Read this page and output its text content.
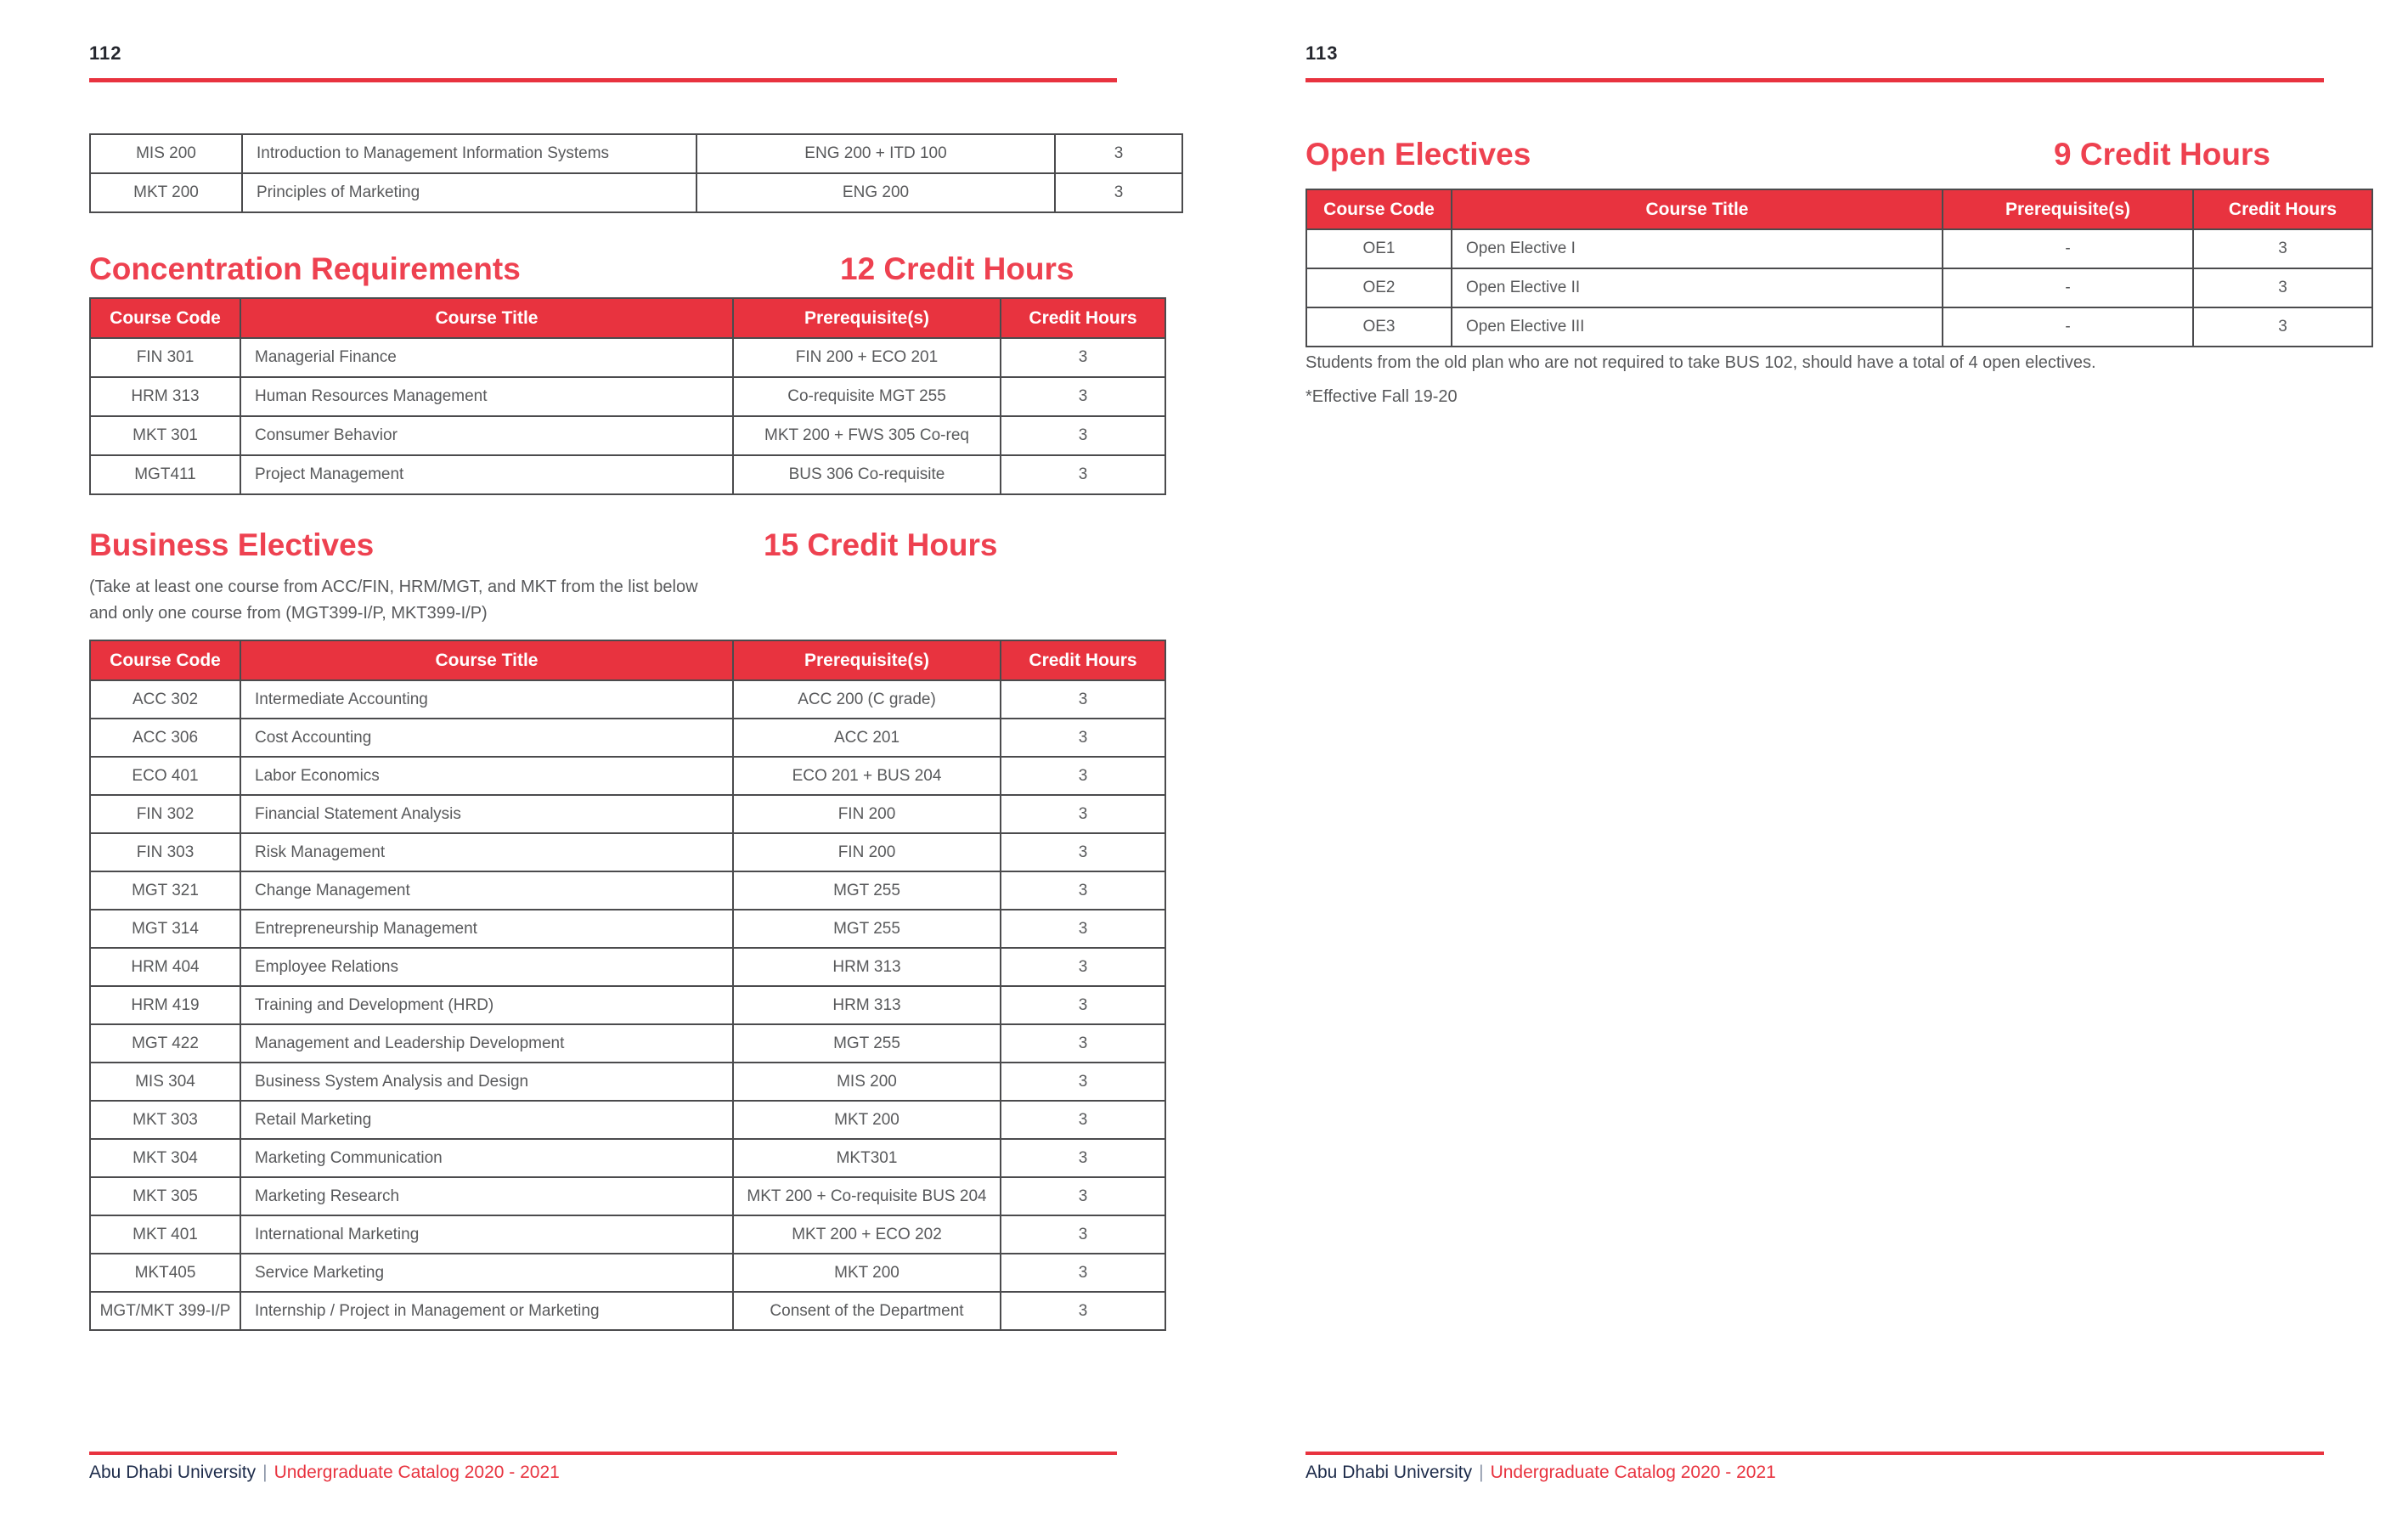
112
MIS 200	Introduction to Management Information Systems	ENG 200 + ITD 100	3
MKT 200	Principles of Marketing	ENG 200	3
Concentration Requirements	12 Credit Hours
Course Code	Course Title	Prerequisite(s)	Credit Hours
FIN 301	Managerial Finance	FIN 200 + ECO 201	3
HRM 313	Human Resources Management	Co-requisite MGT 255	3
MKT 301	Consumer Behavior	MKT 200 + FWS 305 Co-req	3
MGT411	Project Management	BUS 306 Co-requisite	3
Business Electives	15 Credit Hours
(Take at least one course from ACC/FIN, HRM/MGT, and MKT from the list below
and only one course from (MGT399-I/P, MKT399-I/P)
Course Code	Course Title	Prerequisite(s)	Credit Hours
ACC 302	Intermediate Accounting	ACC 200 (C grade)	3
ACC 306	Cost Accounting	ACC 201	3
ECO 401	Labor Economics	ECO 201 + BUS 204	3
FIN 302	Financial Statement Analysis	FIN 200	3
FIN 303	Risk Management	FIN 200	3
MGT 321	Change Management	MGT 255	3
MGT 314	Entrepreneurship Management	MGT 255	3
HRM 404	Employee Relations	HRM 313	3
HRM 419	Training and Development (HRD)	HRM 313	3
MGT 422	Management and Leadership Development	MGT 255	3
MIS 304	Business System Analysis and Design	MIS 200	3
MKT 303	Retail Marketing	MKT 200	3
MKT 304	Marketing Communication	MKT301	3
MKT 305	Marketing Research	MKT 200 + Co-requisite BUS 204	3
MKT 401	International Marketing	MKT 200 + ECO 202	3
MKT405	Service Marketing	MKT 200	3
MGT/MKT 399-I/P	Internship / Project in Management or Marketing	Consent of the Department	3
Abu Dhabi University | Undergraduate Catalog 2020 - 2021
113
Open Electives	9 Credit Hours
Course Code	Course Title	Prerequisite(s)	Credit Hours
OE1	Open Elective I	-	3
OE2	Open Elective II	-	3
OE3	Open Elective III	-	3
Students from the old plan who are not required to take BUS 102, should have a total of 4 open electives.
*Effective Fall 19-20
Abu Dhabi University | Undergraduate Catalog 2020 - 2021
